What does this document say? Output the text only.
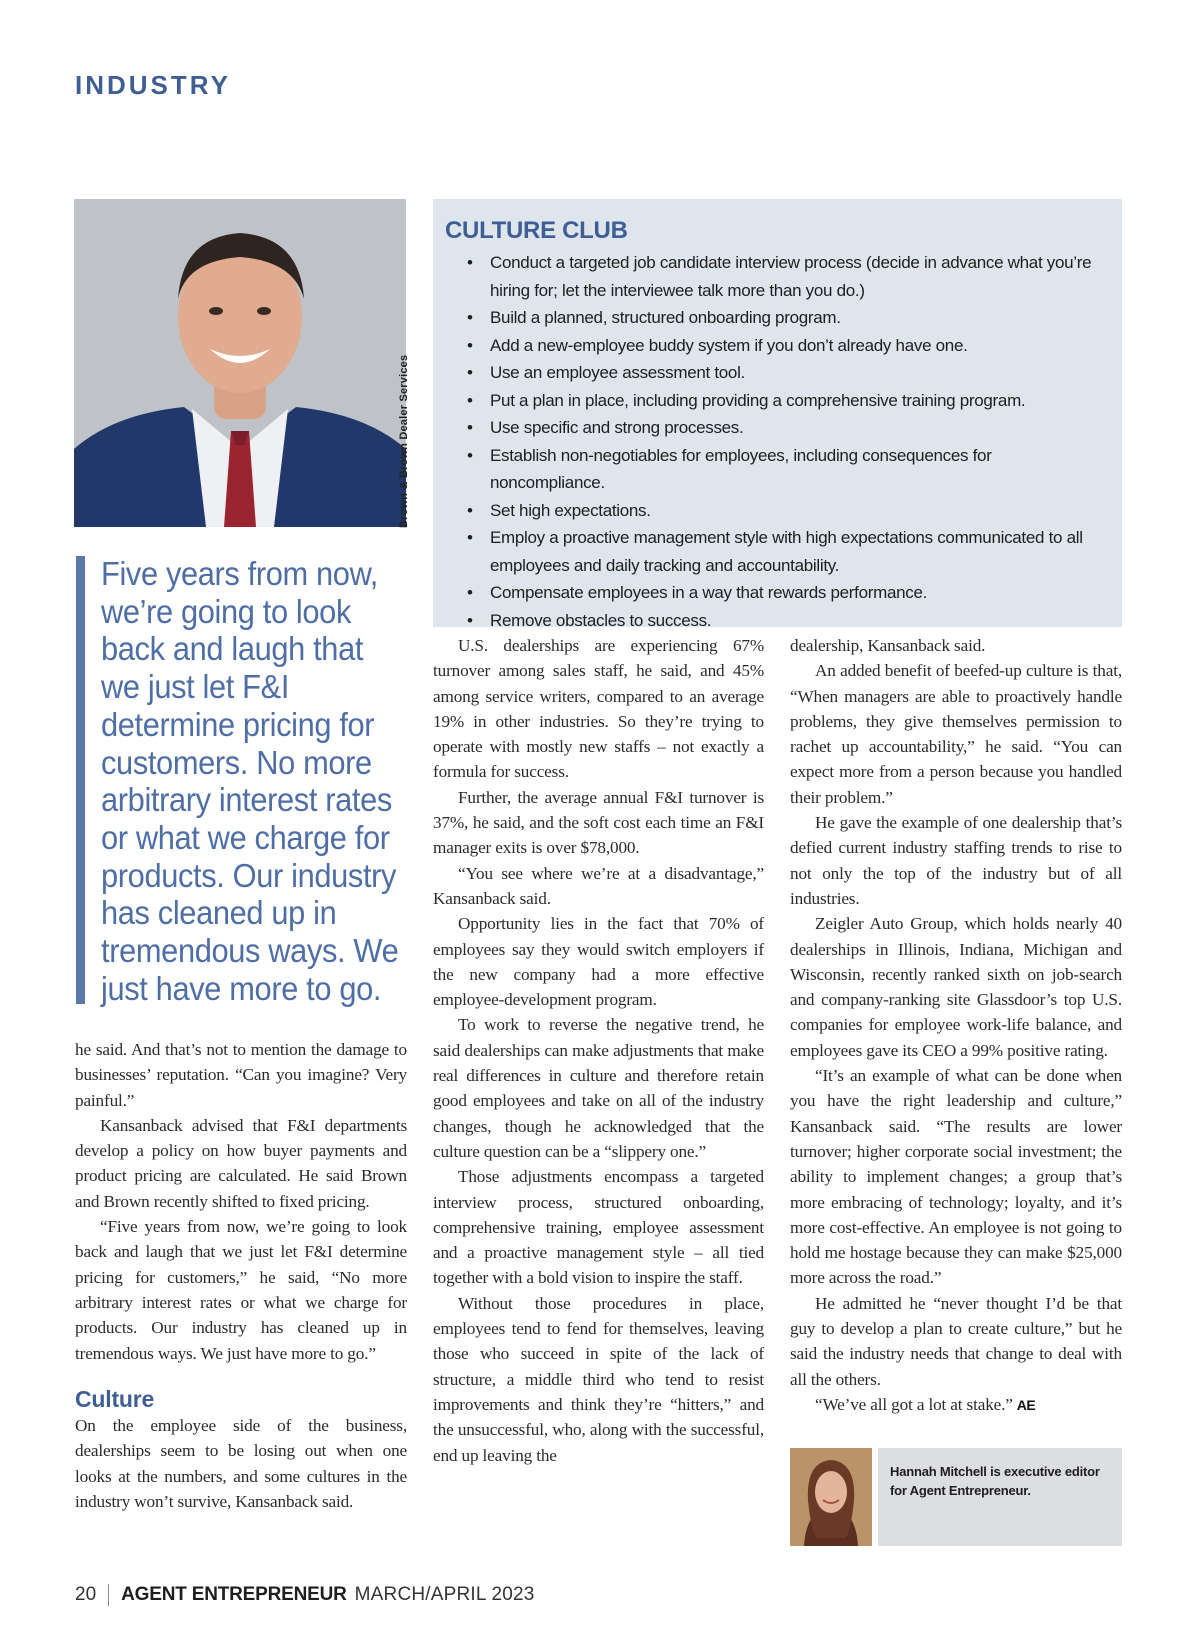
INDUSTRY
Brown & Brown Dealer Services

Five years from now, we’re going to look back and laugh that we just let F&I determine pricing for customers. No more arbitrary interest rates or what we charge for products. Our industry has cleaned up in tremendous ways. We just have more to go.

CULTURE CLUB
• Conduct a targeted job candidate interview process (decide in advance what you’re hiring for; let the interviewee talk more than you do.)
• Build a planned, structured onboarding program.
• Add a new-employee buddy system if you don’t already have one.
• Use an employee assessment tool.
• Put a plan in place, including providing a comprehensive training program.
• Use specific and strong processes.
• Establish non-negotiables for employees, including consequences for noncompliance.
• Set high expectations.
• Employ a proactive management style with high expectations communicated to all employees and daily tracking and accountability.
• Compensate employees in a way that rewards performance.
• Remove obstacles to success.

he said. And that’s not to mention the damage to businesses’ reputation. “Can you imagine? Very painful.”

Kansanback advised that F&I departments develop a policy on how buyer payments and product pricing are calculated. He said Brown and Brown recently shifted to fixed pricing.

“Five years from now, we’re going to look back and laugh that we just let F&I determine pricing for customers,” he said, “No more arbitrary interest rates or what we charge for products. Our industry has cleaned up in tremendous ways. We just have more to go.”

Culture

On the employee side of the business, dealerships seem to be losing out when one looks at the numbers, and some cultures in the industry won’t survive, Kansanback said.

U.S. dealerships are experiencing 67% turnover among sales staff, he said, and 45% among service writers, compared to an average 19% in other industries. So they’re trying to operate with mostly new staffs – not exactly a formula for success.

Further, the average annual F&I turnover is 37%, he said, and the soft cost each time an F&I manager exits is over $78,000.

“You see where we’re at a disadvantage,” Kansanback said.

Opportunity lies in the fact that 70% of employees say they would switch employers if the new company had a more effective employee-development program.

To work to reverse the negative trend, he said dealerships can make adjustments that make real differences in culture and therefore retain good employees and take on all of the industry changes, though he acknowledged that the culture question can be a “slippery one.”

Those adjustments encompass a targeted interview process, structured onboarding, comprehensive training, employee assessment and a proactive management style – all tied together with a bold vision to inspire the staff.

Without those procedures in place, employees tend to fend for themselves, leaving those who succeed in spite of the lack of structure, a middle third who tend to resist improvements and think they’re “hitters,” and the unsuccessful, who, along with the successful, end up leaving the

dealership, Kansanback said.

An added benefit of beefed-up culture is that, “When managers are able to proactively handle problems, they give themselves permission to rachet up accountability,” he said. “You can expect more from a person because you handled their problem.”

He gave the example of one dealership that’s defied current industry staffing trends to rise to not only the top of the industry but of all industries.

Zeigler Auto Group, which holds nearly 40 dealerships in Illinois, Indiana, Michigan and Wisconsin, recently ranked sixth on job-search and company-ranking site Glassdoor’s top U.S. companies for employee work-life balance, and employees gave its CEO a 99% positive rating.

“It’s an example of what can be done when you have the right leadership and culture,” Kansanback said. “The results are lower turnover; higher corporate social investment; the ability to implement changes; a group that’s more embracing of technology; loyalty, and it’s more cost-effective. An employee is not going to hold me hostage because they can make $25,000 more across the road.”

He admitted he “never thought I’d be that guy to develop a plan to create culture,” but he said the industry needs that change to deal with all the others.

“We’ve all got a lot at stake.” AE

Hannah Mitchell is executive editor for Agent Entrepreneur.
20 AGENT ENTREPRENEUR MARCH/APRIL 2023
